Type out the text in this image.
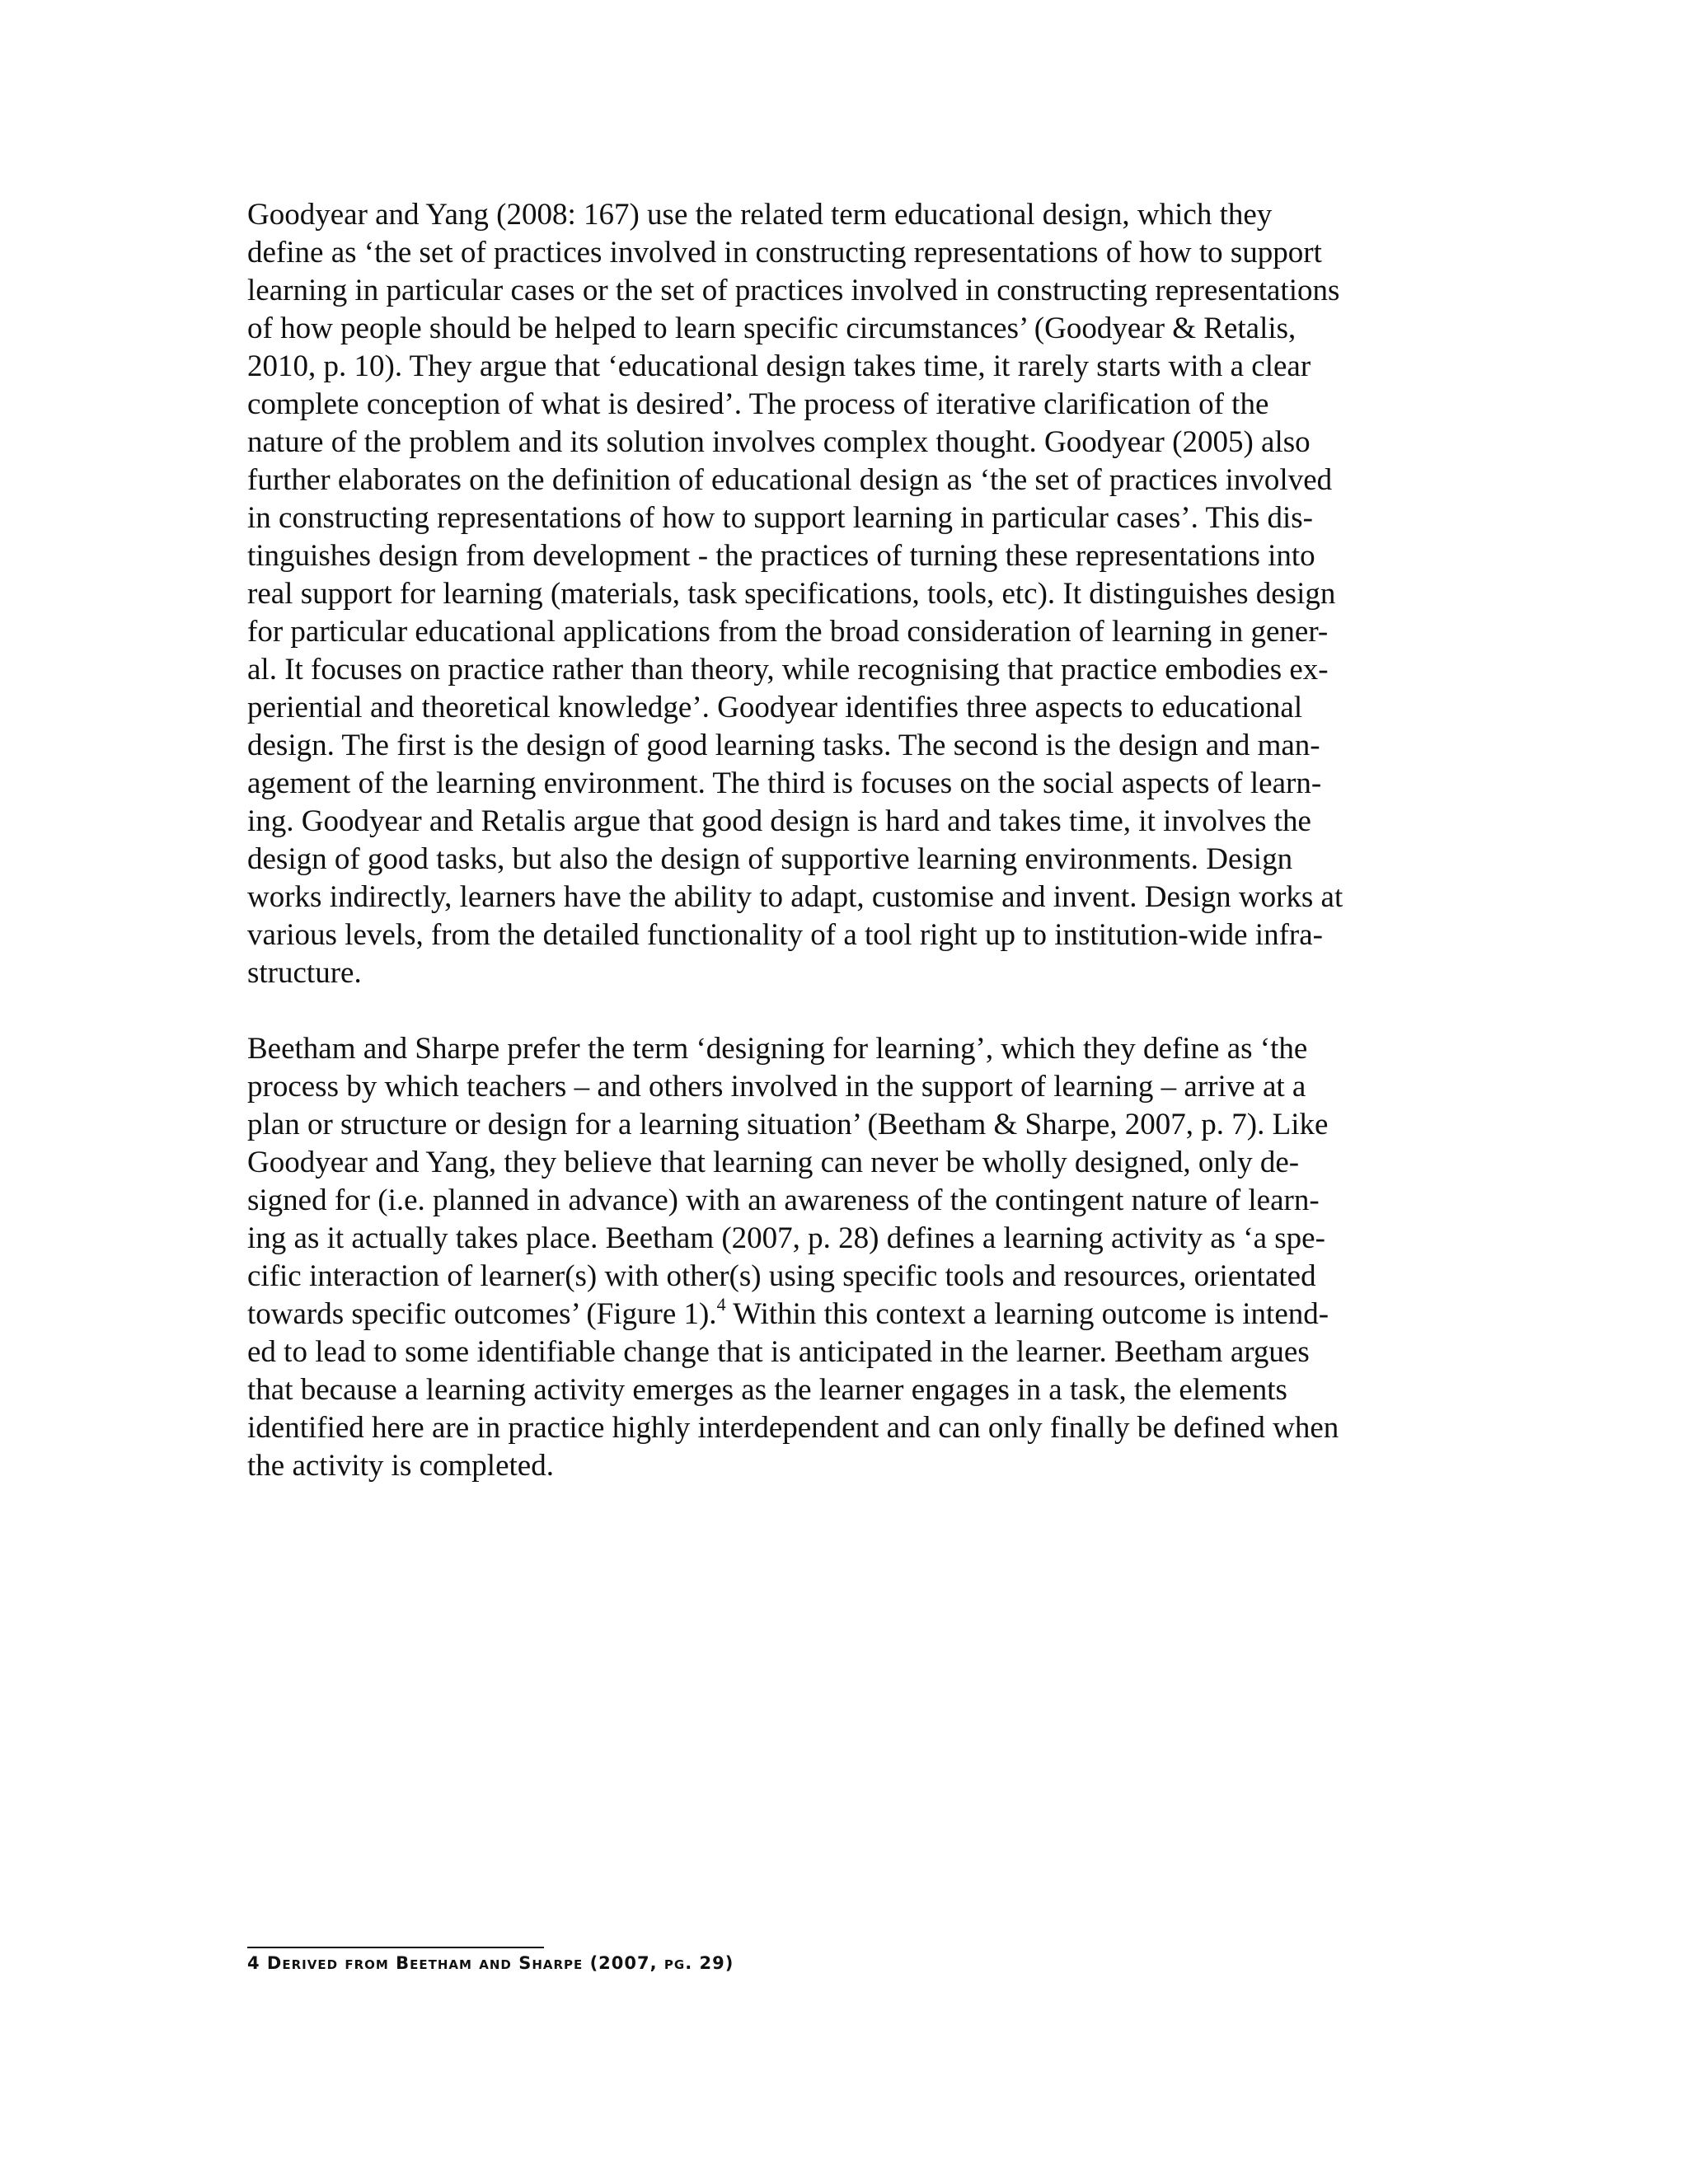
Goodyear and Yang (2008: 167) use the related term educational design, which they
define as ‘the set of practices involved in constructing representations of how to support
learning in particular cases or the set of practices involved in constructing representations
of how people should be helped to learn specific circumstances’ (Goodyear & Retalis,
2010, p. 10). They argue that ‘educational design takes time, it rarely starts with a clear
complete conception of what is desired’. The process of iterative clarification of the
nature of the problem and its solution involves complex thought. Goodyear (2005) also
further elaborates on the definition of educational design as ‘the set of practices involved
in constructing representations of how to support learning in particular cases’. This dis-
tinguishes design from development - the practices of turning these representations into
real support for learning (materials, task specifications, tools, etc). It distinguishes design
for particular educational applications from the broad consideration of learning in gener-
al. It focuses on practice rather than theory, while recognising that practice embodies ex-
periential and theoretical knowledge’. Goodyear identifies three aspects to educational
design. The first is the design of good learning tasks. The second is the design and man-
agement of the learning environment. The third is focuses on the social aspects of learn-
ing. Goodyear and Retalis argue that good design is hard and takes time, it involves the
design of good tasks, but also the design of supportive learning environments. Design
works indirectly, learners have the ability to adapt, customise and invent. Design works at
various levels, from the detailed functionality of a tool right up to institution-wide infra-
structure.
Beetham and Sharpe prefer the term ‘designing for learning’, which they define as ‘the
process by which teachers – and others involved in the support of learning – arrive at a
plan or structure or design for a learning situation’ (Beetham & Sharpe, 2007, p. 7). Like
Goodyear and Yang, they believe that learning can never be wholly designed, only de-
signed for (i.e. planned in advance) with an awareness of the contingent nature of learn-
ing as it actually takes place. Beetham (2007, p. 28) defines a learning activity as ‘a spe-
cific interaction of learner(s) with other(s) using specific tools and resources, orientated
towards specific outcomes’ (Figure 1).$^4$ Within this context a learning outcome is intend-
ed to lead to some identifiable change that is anticipated in the learner. Beetham argues
that because a learning activity emerges as the learner engages in a task, the elements
identified here are in practice highly interdependent and can only finally be defined when
the activity is completed.
4 Derived from Beetham and Sharpe (2007, pg. 29)
